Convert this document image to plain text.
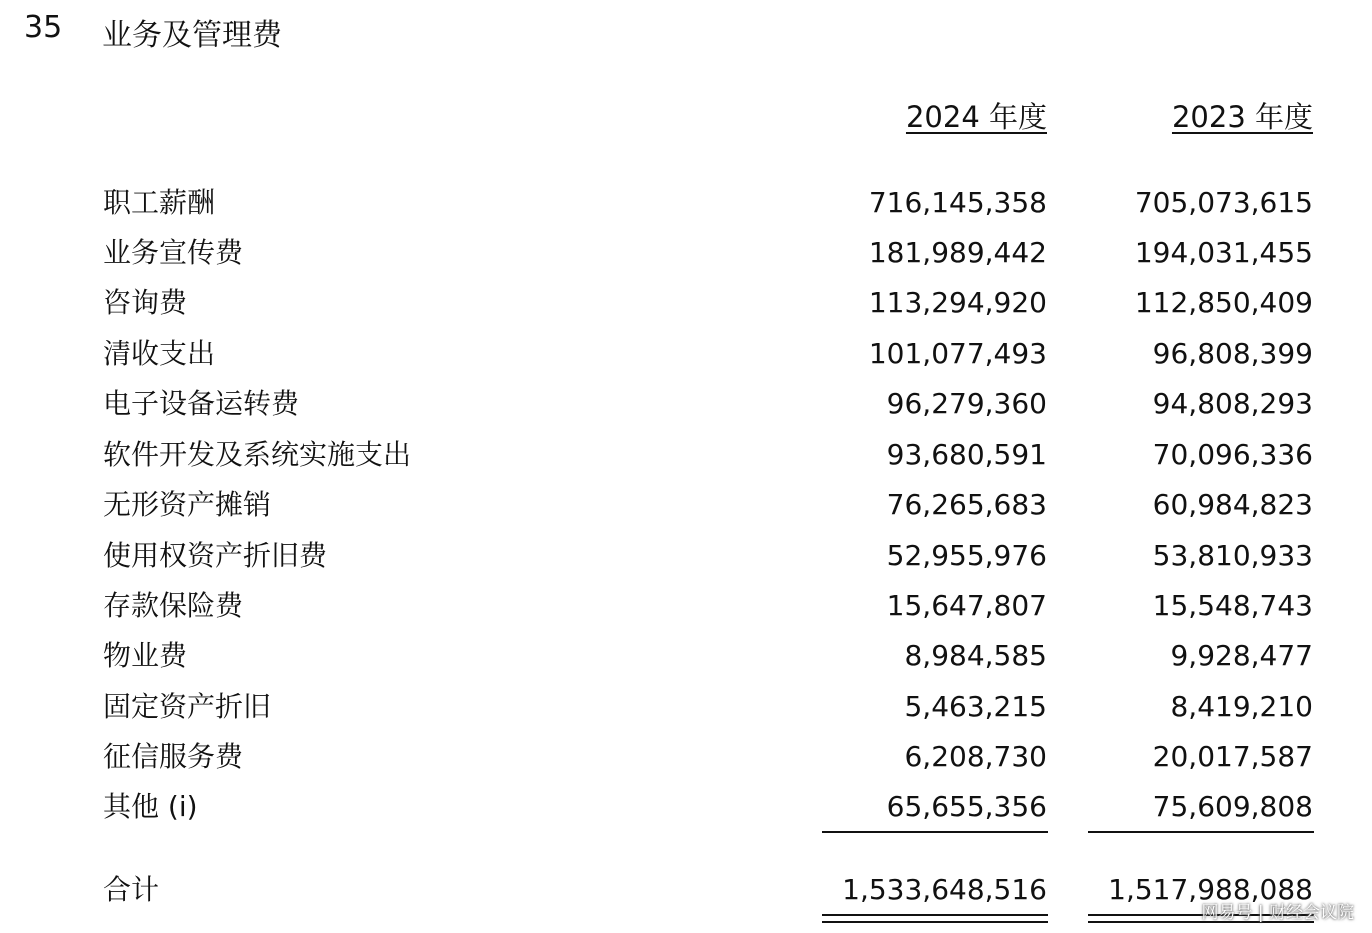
35 业务及管理费
2024 年度	2023 年度
职工薪酬	716,145,358	705,073,615
业务宣传费	181,989,442	194,031,455
咨询费	113,294,920	112,850,409
清收支出	101,077,493	96,808,399
电子设备运转费	96,279,360	94,808,293
软件开发及系统实施支出	93,680,591	70,096,336
无形资产摊销	76,265,683	60,984,823
使用权资产折旧费	52,955,976	53,810,933
存款保险费	15,647,807	15,548,743
物业费	8,984,585	9,928,477
固定资产折旧	5,463,215	8,419,210
征信服务费	6,208,730	20,017,587
其他 (i)	65,655,356	75,609,808
合计	1,533,648,516 1,517,988,088
网易号 | 财经会议院
